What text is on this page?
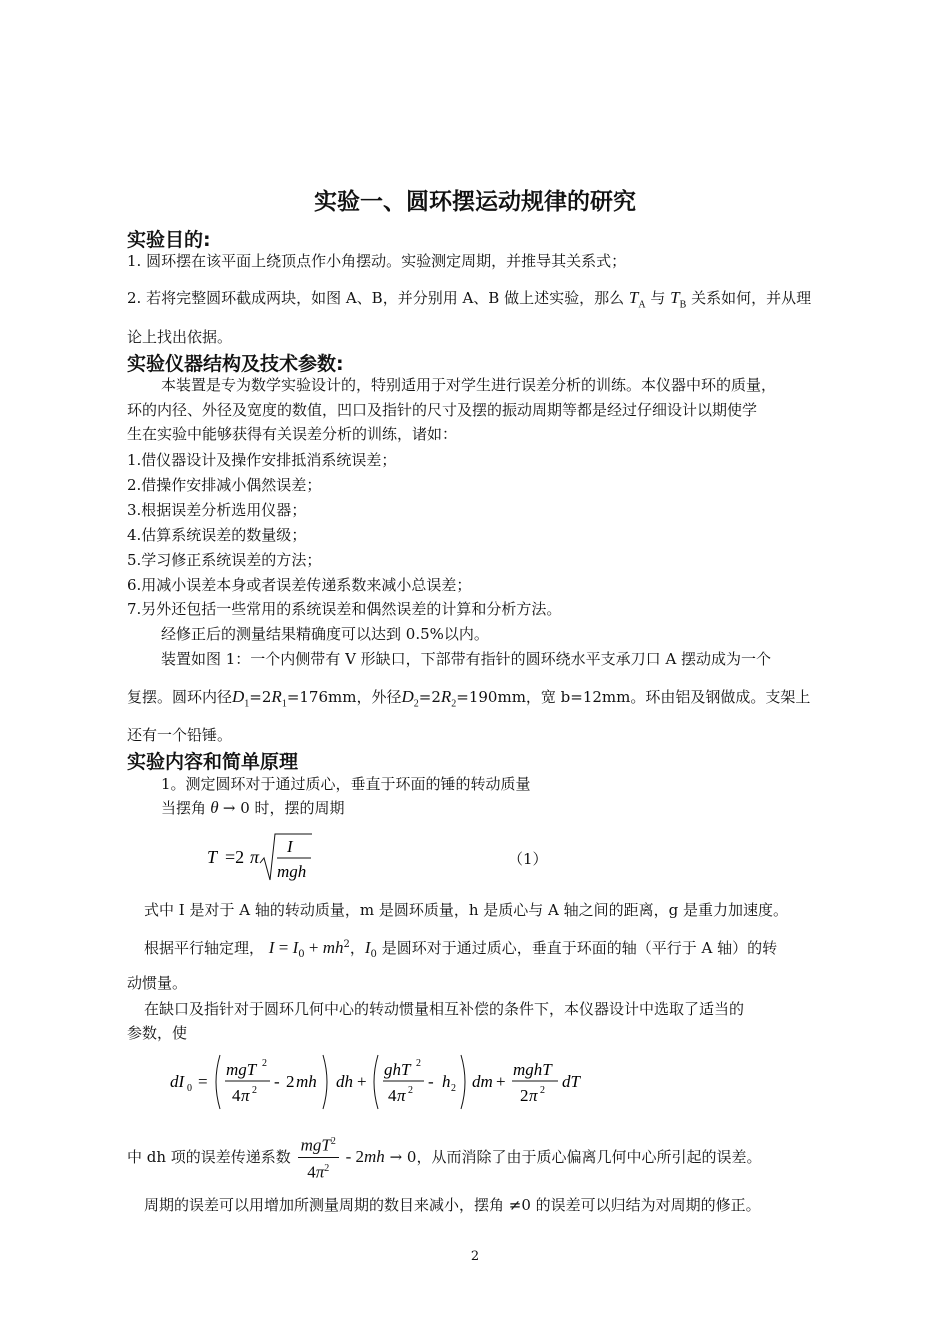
实验一、圆环摆运动规律的研究
实验目的:
1. 圆环摆在该平面上绕顶点作小角摆动。实验测定周期，并推导其关系式；
2. 若将完整圆环截成两块，如图 A、B，并分别用 A、B 做上述实验，那么 $T_A$ 与 $T_B$ 关系如何，并从理
论上找出依据。
实验仪器结构及技术参数:
本装置是专为数学实验设计的，特别适用于对学生进行误差分析的训练。本仪器中环的质量，
环的内径、外径及宽度的数值，凹口及指针的尺寸及摆的振动周期等都是经过仔细设计以期使学
生在实验中能够获得有关误差分析的训练，诸如：
1.借仪器设计及操作安排抵消系统误差；
2.借操作安排减小偶然误差；
3.根据误差分析选用仪器；
4.估算系统误差的数量级；
5.学习修正系统误差的方法；
6.用减小误差本身或者误差传递系数来减小总误差；
7.另外还包括一些常用的系统误差和偶然误差的计算和分析方法。
经修正后的测量结果精确度可以达到 0.5%以内。
装置如图 1：一个内侧带有 V 形缺口，下部带有指针的圆环绕水平支承刀口 A 摆动成为一个
复摆。圆环内径$D_1=2R_1=176mm$，外径$D_2=2R_2=190mm$，宽 b=12mm。环由铝及钢做成。支架上
还有一个铅锤。
实验内容和简单原理
1。测定圆环对于通过质心，垂直于环面的锤的转动质量
当摆角 θ → 0 时，摆的周期
T =2 π
I
mgh
（1）
式中 I 是对于 A 轴的转动质量，m 是圆环质量，h 是质心与 A 轴之间的距离，g 是重力加速度。
根据平行轴定理， $I = I_0 + mh^2$，$I_0$ 是圆环对于通过质心，垂直于环面的轴（平行于 A 轴）的转
动惯量。
在缺口及指针对于圆环几何中心的转动惯量相互补偿的条件下，本仪器设计中选取了适当的
参数，使
dI 0 =
mgT 2
4 π 2 - 2 mh dh +
ghT 2
4 π 2 - h 2 dm +
mghT
2 π 2 dT
中 dh 项的误差传递系数 $\frac{mgT^2}{4\pi^2} - 2mh \to 0$，从而消除了由于质心偏离几何中心所引起的误差。
周期的误差可以用增加所测量周期的数目来减小，摆角 ≠0 的误差可以归结为对周期的修正。
2
